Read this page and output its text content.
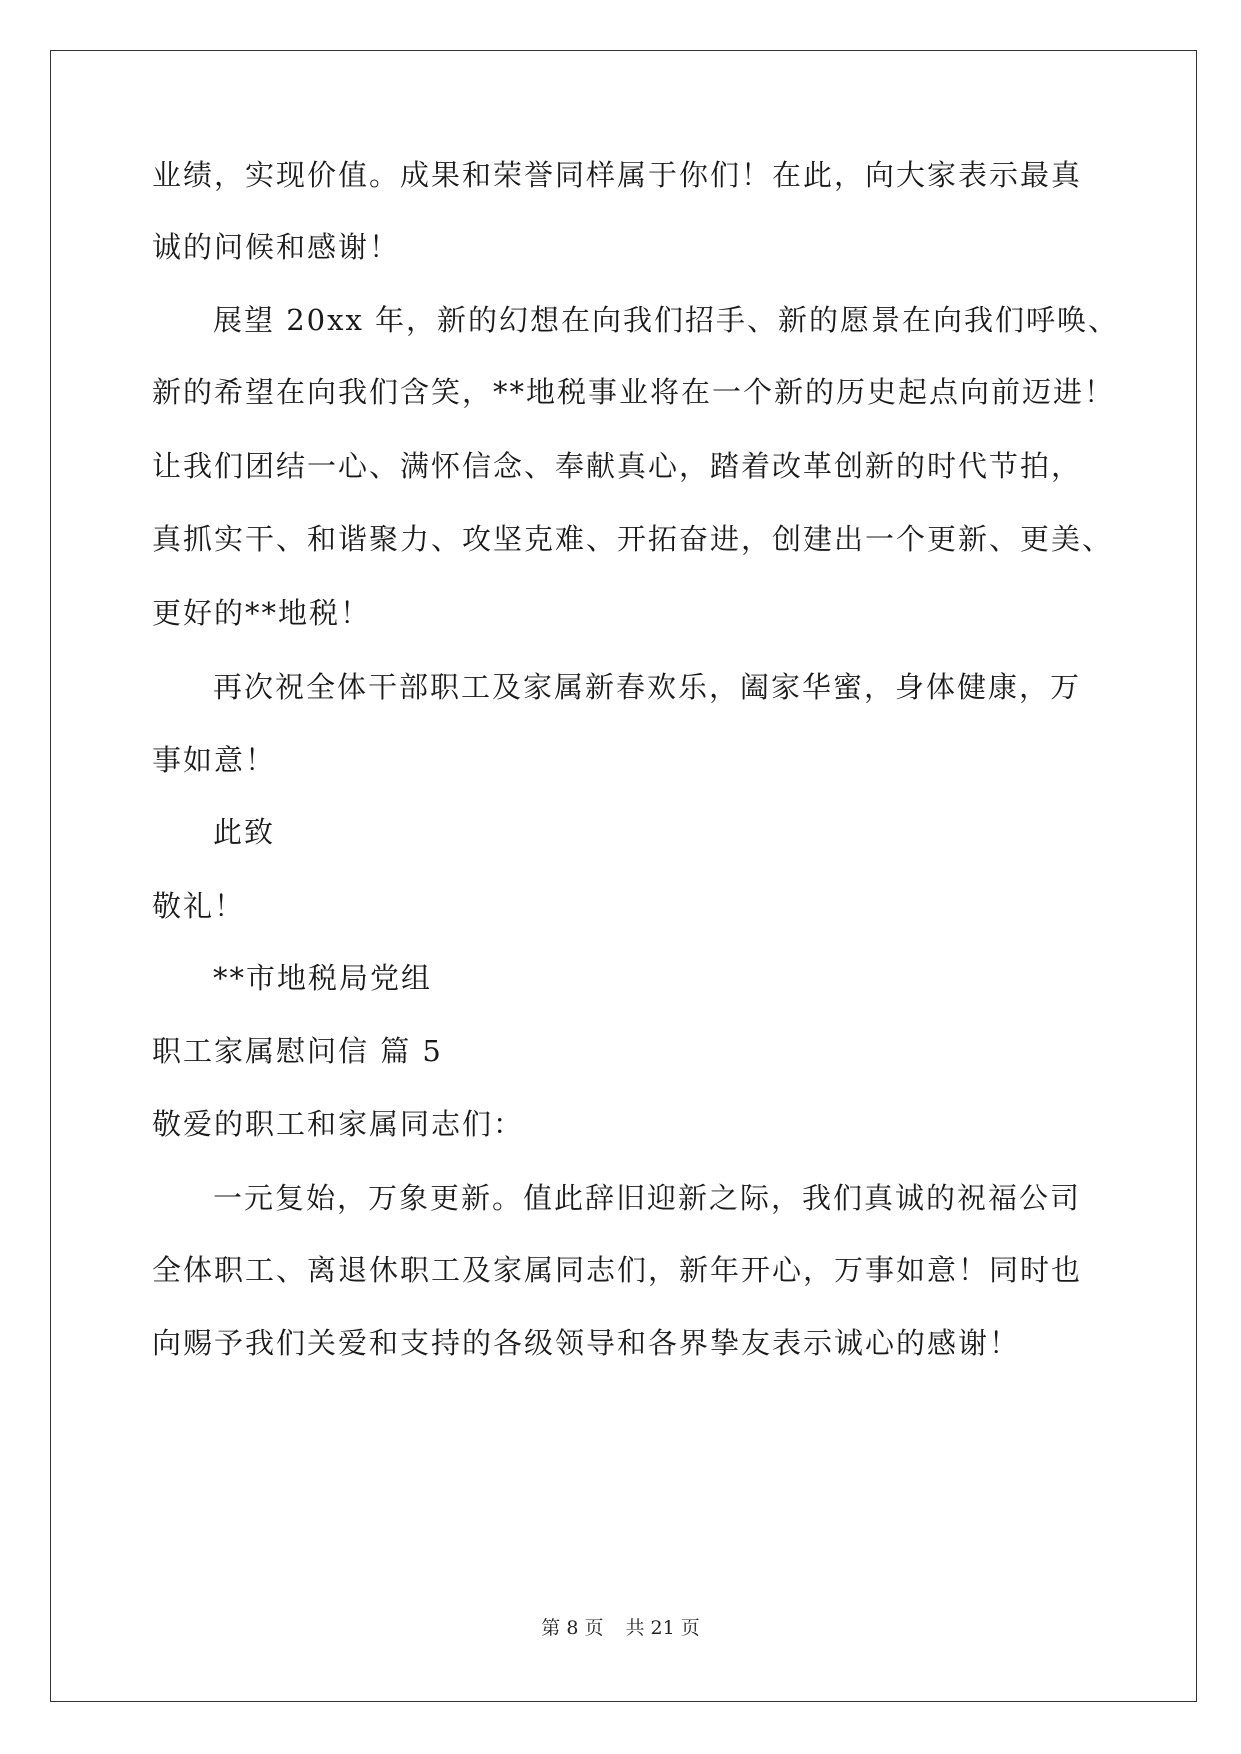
业绩，实现价值。成果和荣誉同样属于你们！在此，向大家表示最真
诚的问候和感谢！
展望 20xx 年，新的幻想在向我们招手、新的愿景在向我们呼唤、
新的希望在向我们含笑，**地税事业将在一个新的历史起点向前迈进！
让我们团结一心、满怀信念、奉献真心，踏着改革创新的时代节拍，
真抓实干、和谐聚力、攻坚克难、开拓奋进，创建出一个更新、更美、
更好的**地税！
再次祝全体干部职工及家属新春欢乐，阖家华蜜，身体健康，万
事如意！
此致
敬礼！
**市地税局党组
职工家属慰问信 篇 5
敬爱的职工和家属同志们：
一元复始，万象更新。值此辞旧迎新之际，我们真诚的祝福公司
全体职工、离退休职工及家属同志们，新年开心，万事如意！同时也
向赐予我们关爱和支持的各级领导和各界挚友表示诚心的感谢！
第 8 页 共 21 页
